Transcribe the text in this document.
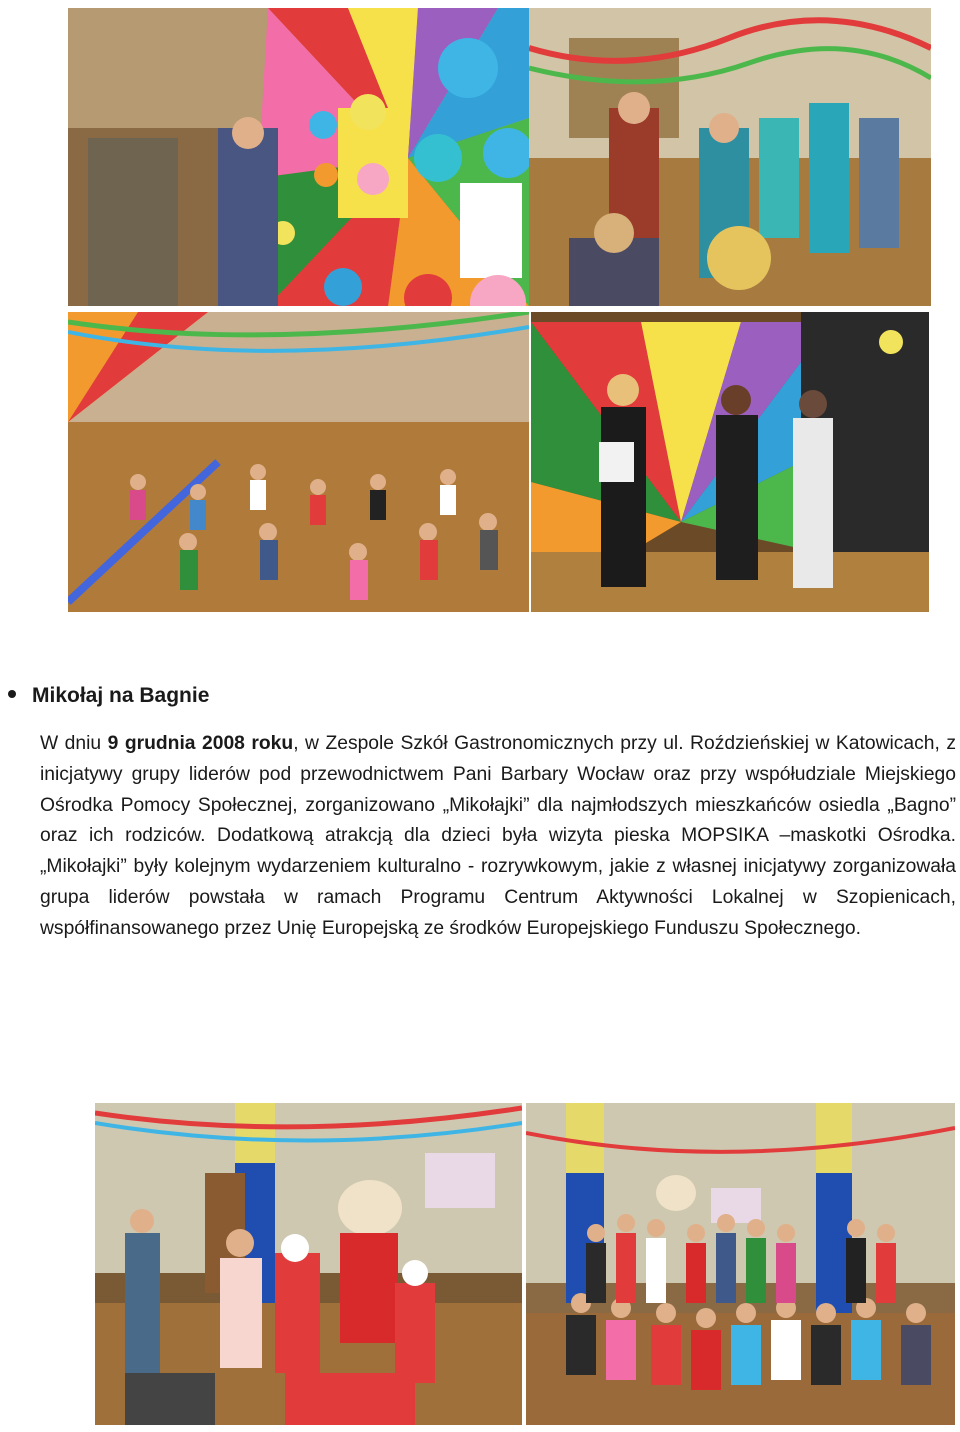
Mikołaj na Bagnie
W dniu 9 grudnia 2008 roku, w Zespole Szkół Gastronomicznych przy ul. Roździeńskiej w Katowicach, z inicjatywy grupy liderów pod przewodnictwem Pani Barbary Wocław oraz przy współudziale Miejskiego Ośrodka Pomocy Społecznej, zorganizowano „Mikołajki” dla najmłodszych mieszkańców osiedla „Bagno” oraz ich rodziców. Dodatkową atrakcją dla dzieci była wizyta pieska MOPSIKA –maskotki Ośrodka. „Mikołajki” były kolejnym wydarzeniem kulturalno - rozrywkowym, jakie z własnej inicjatywy zorganizowała grupa liderów powstała w ramach Programu Centrum Aktywności Lokalnej w Szopienicach, współfinansowanego przez Unię Europejską ze środków Europejskiego Funduszu Społecznego.
